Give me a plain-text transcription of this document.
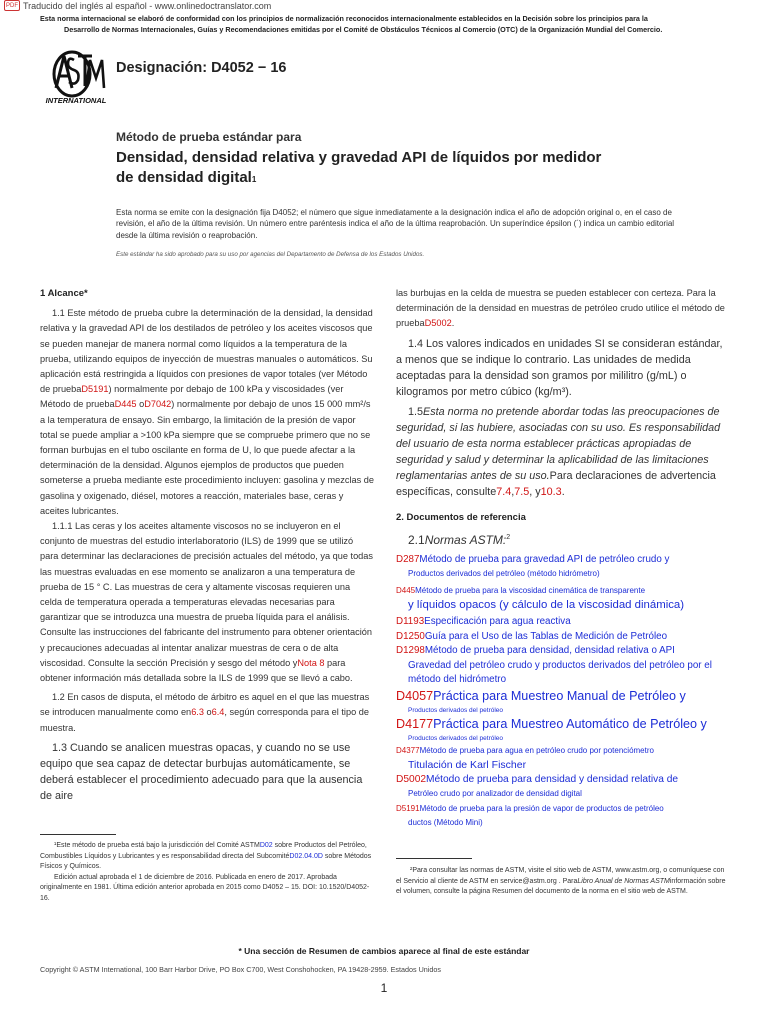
PDF Traducido del inglés al español - www.onlinedoctranslator.com
Esta norma internacional se elaboró de conformidad con los principios de normalización reconocidos internacionalmente establecidos en la Decisión sobre los principios para la
Desarrollo de Normas Internacionales, Guías y Recomendaciones emitidas por el Comité de Obstáculos Técnicos al Comercio (OTC) de la Organización Mundial del Comercio.
INTERNATIONAL
Designación: D4052 − 16
Método de prueba estándar para
Densidad, densidad relativa y gravedad API de líquidos por medidor
de densidad digital1
Esta norma se emite con la designación fija D4052; el número que sigue inmediatamente a la designación indica el año de adopción original o, en el caso de revisión, el año de la última revisión. Un número entre paréntesis indica el año de la última reaprobación. Un superíndice épsilon (´) indica un cambio editorial desde la última revisión o reaprobación.
Este estándar ha sido aprobado para su uso por agencias del Departamento de Defensa de los Estados Unidos.

1 Alcance*

1.1 Este método de prueba cubre la determinación de la densidad, la densidad relativa y la gravedad API de los destilados de petróleo y los aceites viscosos que se pueden manejar de manera normal como líquidos a la temperatura de la prueba, utilizando equipos de inyección de muestras manuales o automáticos. Su aplicación está restringida a líquidos con presiones de vapor totales (ver Método de pruebaD5191) normalmente por debajo de 100 kPa y viscosidades (ver Método de pruebaD445 oD7042) normalmente por debajo de unos 15 000 mm²/s a la temperatura de ensayo. Sin embargo, la limitación de la presión de vapor total se puede ampliar a >100 kPa siempre que se compruebe primero que no se forman burbujas en el tubo oscilante en forma de U, lo que puede afectar a la determinación de la densidad. Algunos ejemplos de productos que pueden someterse a prueba mediante este procedimiento incluyen: gasolina y mezclas de gasolina y oxigenado, diésel, motores a reacción, materiales base, ceras y aceites lubricantes.

1.1.1 Las ceras y los aceites altamente viscosos no se incluyeron en el conjunto de muestras del estudio interlaboratorio (ILS) de 1999 que se utilizó para determinar las declaraciones de precisión actuales del método, ya que todas las muestras evaluadas en ese momento se analizaron a una temperatura de prueba de 15 ° C. Las muestras de cera y altamente viscosas requieren una celda de temperatura operada a temperaturas elevadas necesarias para garantizar que se introduzca una muestra de prueba líquida para el análisis. Consulte las instrucciones del fabricante del instrumento para obtener orientación y precauciones adecuadas al intentar analizar muestras de cera o de alta viscosidad. Consulte la sección Precisión y sesgo del método yNota 8 para obtener información más detallada sobre la ILS de 1999 que se llevó a cabo.

1.2 En casos de disputa, el método de árbitro es aquel en el que las muestras se introducen manualmente como en6.3 o6.4, según corresponda para el tipo de muestra.

1.3 Cuando se analicen muestras opacas, y cuando no se use equipo que sea capaz de detectar burbujas automáticamente, se deberá establecer el procedimiento adecuado para que la ausencia de aire

¹Este método de prueba está bajo la jurisdicción del Comité ASTMD02 sobre Productos del Petróleo, Combustibles Líquidos y Lubricantes y es responsabilidad directa del SubcomitéD02.04.0D sobre Métodos Físicos y Químicos.
Edición actual aprobada el 1 de diciembre de 2016. Publicada en enero de 2017. Aprobada originalmente en 1981. Última edición anterior aprobada en 2015 como D4052 – 15. DOI: 10.1520/D4052-16.

las burbujas en la celda de muestra se pueden establecer con certeza. Para la determinación de la densidad en muestras de petróleo crudo utilice el método de pruebaD5002.

1.4 Los valores indicados en unidades SI se consideran estándar, a menos que se indique lo contrario. Las unidades de medida aceptadas para la densidad son gramos por mililitro (g/mL) o kilogramos por metro cúbico (kg/m³).

1.5Esta norma no pretende abordar todas las preocupaciones de seguridad, si las hubiere, asociadas con su uso. Es responsabilidad del usuario de esta norma establecer prácticas apropiadas de seguridad y salud y determinar la aplicabilidad de las limitaciones reglamentarias antes de su uso.Para declaraciones de advertencia específicas, consulte7.4,7.5, y10.3.

2. Documentos de referencia

2.1Normas ASTM:$^2$

D287Método de prueba para gravedad API de petróleo crudo y
Productos derivados del petróleo (método hidrómetro)
D445Método de prueba para la viscosidad cinemática de transparente
y líquidos opacos (y cálculo de la viscosidad dinámica)
D1193Especificación para agua reactiva
D1250Guía para el Uso de las Tablas de Medición de Petróleo
D1298Método de prueba para densidad, densidad relativa o API
Gravedad del petróleo crudo y productos derivados del petróleo por el método del hidrómetro
D4057Práctica para Muestreo Manual de Petróleo y
Productos derivados del petróleo
D4177Práctica para Muestreo Automático de Petróleo y
Productos derivados del petróleo
D4377Método de prueba para agua en petróleo crudo por potenciómetro
Titulación de Karl Fischer
D5002Método de prueba para densidad y densidad relativa de
Petróleo crudo por analizador de densidad digital
D5191Método de prueba para la presión de vapor de productos de petróleo
ductos (Método Mini)
²Para consultar las normas de ASTM, visite el sitio web de ASTM, www.astm.org, o comuníquese con el Servicio al cliente de ASTM en service@astm.org . ParaLibro Anual de Normas ASTMinformación sobre el volumen, consulte la página Resumen del documento de la norma en el sitio web de ASTM.
* Una sección de Resumen de cambios aparece al final de este estándar
Copyright © ASTM International, 100 Barr Harbor Drive, PO Box C700, West Conshohocken, PA 19428-2959. Estados Unidos
1
